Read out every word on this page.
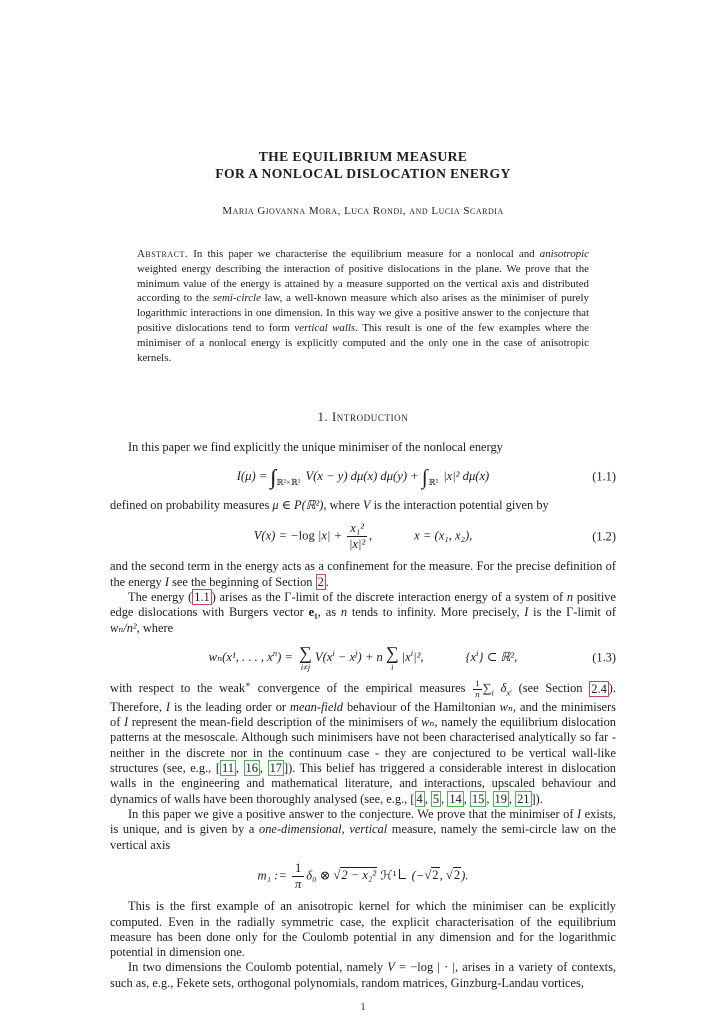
THE EQUILIBRIUM MEASURE
FOR A NONLOCAL DISLOCATION ENERGY
Maria Giovanna Mora, Luca Rondi, and Lucia Scardia
Abstract. In this paper we characterise the equilibrium measure for a nonlocal and anisotropic weighted energy describing the interaction of positive dislocations in the plane. We prove that the minimum value of the energy is attained by a measure supported on the vertical axis and distributed according to the semi-circle law, a well-known measure which also arises as the minimiser of purely logarithmic interactions in one dimension. In this way we give a positive answer to the conjecture that positive dislocations tend to form vertical walls. This result is one of the few examples where the minimiser of a nonlocal energy is explicitly computed and the only one in the case of anisotropic kernels.
1. Introduction

In this paper we find explicitly the unique minimiser of the nonlocal energy

I(μ) = $_{ℝ^2\times ℝ^2}$ V(x − y) dμ(x) $d\mu(y) + \int_{ℝ^2}$ |x|² dμ(x)	(1.1)

defined on probability measures μ ∈ P(ℝ²), where V is the interaction potential given by

V(x) = −log $|x| + \frac{\text{x₁²}}{\text{|x|²}}$ ,	x = (x₁, x₂),	(1.2)

and the second term in the energy acts as a confinement for the measure. For the precise definition of the energy I see the beginning of Section 2 .

The energy ( 1.1 ) arises as the Γ-limit of the discrete interaction energy of a system of n positive edge dislocations with Burgers vector e₁, as n tends to infinity. More precisely, I is the Γ-limit of wₙ/n², where

wₙ(x¹, . . . , $x^n$) = ∑
i≠j
$V(x^i - x^j) + n$ ∑
i
$|x^i|^2$,	$\{x^i\}$ ⊂ ℝ²,	(1.3)

with respect to the weak∗ convergence of the empirical measures $\frac{1}{n} \sum_i$ $\delta_{x^i}$ (see Section 2.4 ). Therefore, I is the leading order or mean-field behaviour of the Hamiltonian wₙ, and the minimisers of I represent the mean-field description of the minimisers of wₙ, namely the equilibrium dislocation patterns at the mesoscale. Although such minimisers have not been characterised analytically so far - neither in the discrete nor in the continuum case - they are conjectured to be vertical wall-like structures (see, e.g., [ 11 , 16 , 17 ]). This belief has triggered a considerable interest in dislocation walls in the engineering and mathematical literature, and interactions, upscaled behaviour and dynamics of walls have been thoroughly analysed (see, e.g., [ 4 , 5 , 14 , 15 , 19 , 21 ]).

In this paper we give a positive answer to the conjecture. We prove that the minimiser of I exists, is unique, and is given by a one-dimensional, vertical measure, namely the semi-circle law on the vertical axis

m₁ := $\frac{1}{\pi} \delta_0$ ⊗ √2 − x₂² ℋ¹ (−√2, √2).

This is the first example of an anisotropic kernel for which the minimiser can be explicitly computed. Even in the radially symmetric case, the explicit characterisation of the equilibrium measure has been done only for the Coulomb potential in any dimension and for the logarithmic potential in dimension one.

In two dimensions the Coulomb potential, namely V = −log | · |, arises in a variety of contexts, such as, e.g., Fekete sets, orthogonal polynomials, random matrices, Ginzburg-Landau vortices,

1
